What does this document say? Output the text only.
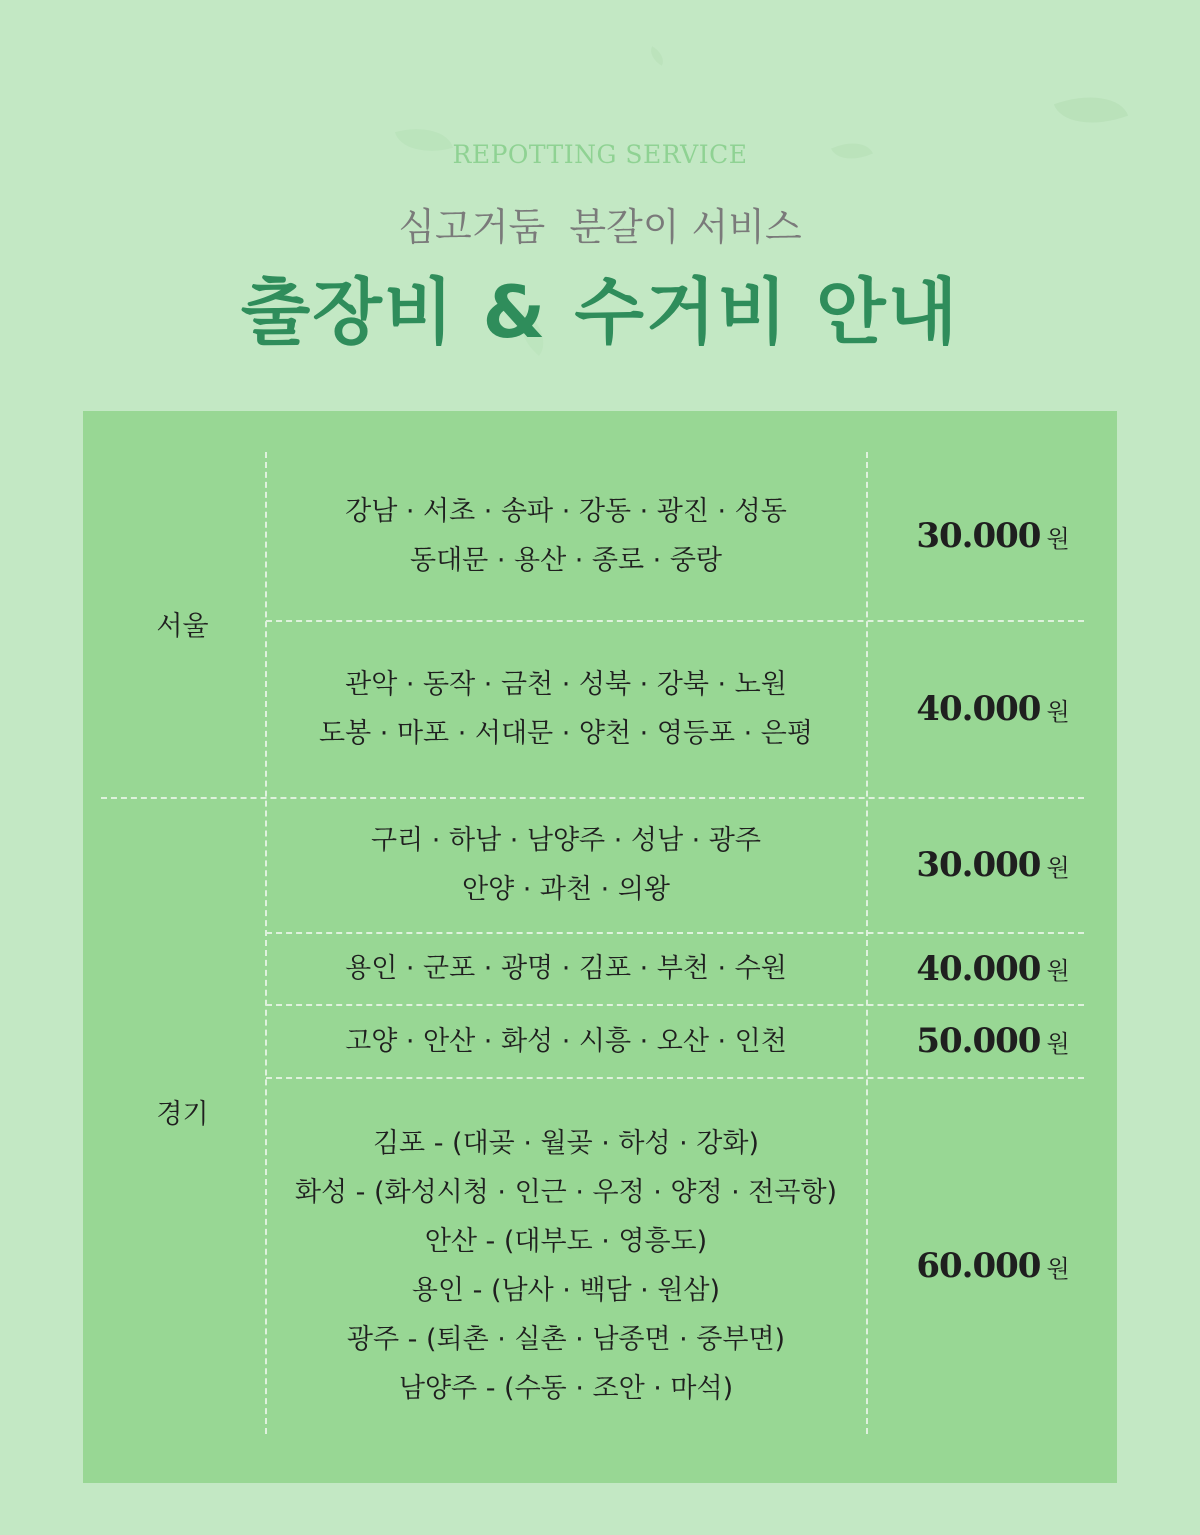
REPOTTING SERVICE
심고거둠  분갈이 서비스
출장비 & 수거비 안내
서울
경기
강남 · 서초 · 송파 · 강동 · 광진 · 성동
동대문 · 용산 · 종로 · 중랑
30.000 원
관악 · 동작 · 금천 · 성북 · 강북 · 노원
도봉 · 마포 · 서대문 · 양천 · 영등포 · 은평
40.000 원
구리 · 하남 · 남양주 · 성남 · 광주
안양 · 과천 · 의왕
30.000 원
용인 · 군포 · 광명 · 김포 · 부천 · 수원	40.000 원
고양 · 안산 · 화성 · 시흥 · 오산 · 인천	50.000 원
김포 - (대곶 · 월곶 · 하성 · 강화)
화성 - (화성시청 · 인근 · 우정 · 양정 · 전곡항)
안산 - (대부도 · 영흥도)
용인 - (남사 · 백담 · 원삼)
광주 - (퇴촌 · 실촌 · 남종면 · 중부면)
남양주 - (수동 · 조안 · 마석)
60.000 원
